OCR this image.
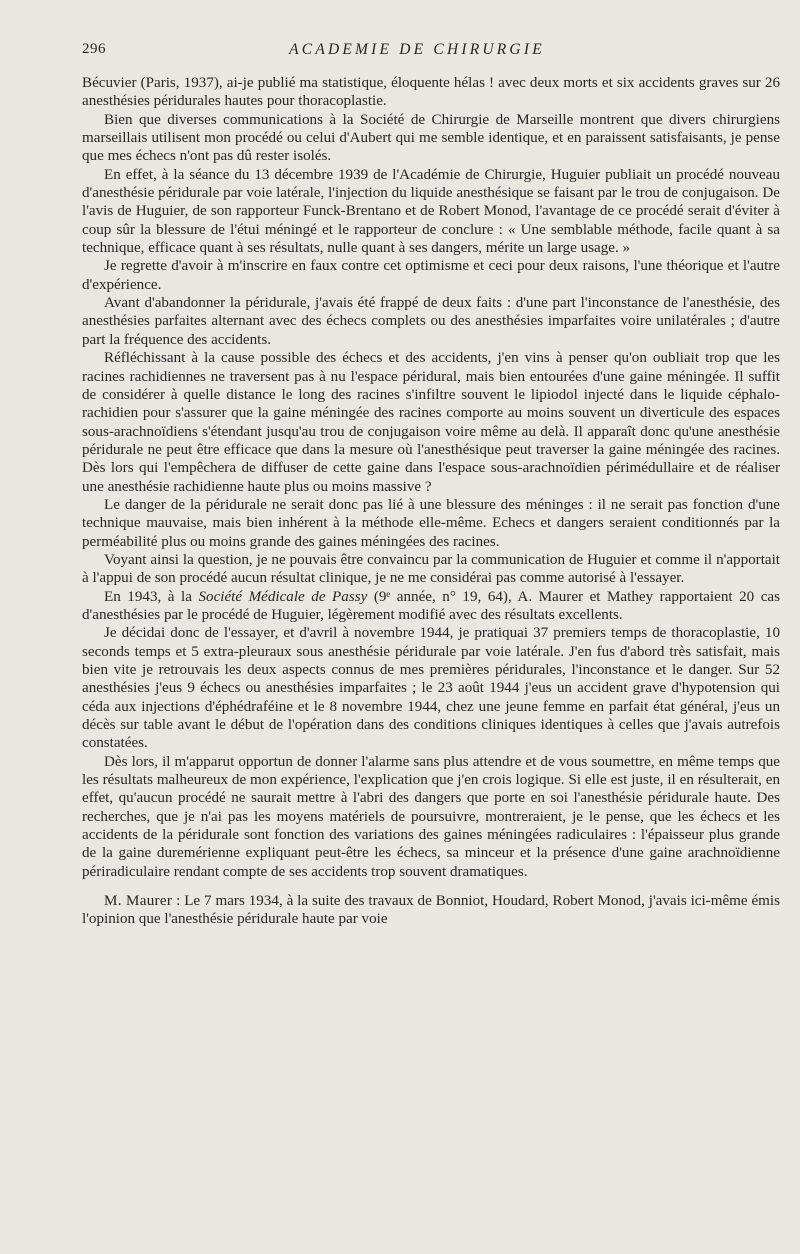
296	ACADEMIE DE CHIRURGIE

Bécuvier (Paris, 1937), ai-je publié ma statistique, éloquente hélas ! avec deux morts et six accidents graves sur 26 anesthésies péridurales hautes pour thoracoplastie.

Bien que diverses communications à la Société de Chirurgie de Marseille montrent que divers chirurgiens marseillais utilisent mon procédé ou celui d'Aubert qui me semble identique, et en paraissent satisfaisants, je pense que mes échecs n'ont pas dû rester isolés.

En effet, à la séance du 13 décembre 1939 de l'Académie de Chirurgie, Huguier publiait un procédé nouveau d'anesthésie péridurale par voie latérale, l'injection du liquide anesthésique se faisant par le trou de conjugaison. De l'avis de Huguier, de son rapporteur Funck-Brentano et de Robert Monod, l'avantage de ce procédé serait d'éviter à coup sûr la blessure de l'étui méningé et le rapporteur de conclure : « Une semblable méthode, facile quant à sa technique, efficace quant à ses résultats, nulle quant à ses dangers, mérite un large usage. »

Je regrette d'avoir à m'inscrire en faux contre cet optimisme et ceci pour deux raisons, l'une théorique et l'autre d'expérience.

Avant d'abandonner la péridurale, j'avais été frappé de deux faits : d'une part l'inconstance de l'anesthésie, des anesthésies parfaites alternant avec des échecs complets ou des anesthésies imparfaites voire unilatérales ; d'autre part la fréquence des accidents.

Réfléchissant à la cause possible des échecs et des accidents, j'en vins à penser qu'on oubliait trop que les racines rachidiennes ne traversent pas à nu l'espace péridural, mais bien entourées d'une gaine méningée. Il suffit de considérer à quelle distance le long des racines s'infiltre souvent le lipiodol injecté dans le liquide céphalo-rachidien pour s'assurer que la gaine méningée des racines comporte au moins souvent un diverticule des espaces sous-arachnoïdiens s'étendant jusqu'au trou de conjugaison voire même au delà. Il apparaît donc qu'une anesthésie péridurale ne peut être efficace que dans la mesure où l'anesthésique peut traverser la gaine méningée des racines. Dès lors qui l'empêchera de diffuser de cette gaine dans l'espace sous-arachnoïdien périmédullaire et de réaliser une anesthésie rachidienne haute plus ou moins massive ?

Le danger de la péridurale ne serait donc pas lié à une blessure des méninges : il ne serait pas fonction d'une technique mauvaise, mais bien inhérent à la méthode elle-même. Echecs et dangers seraient conditionnés par la perméabilité plus ou moins grande des gaines méningées des racines.

Voyant ainsi la question, je ne pouvais être convaincu par la communication de Huguier et comme il n'apportait à l'appui de son procédé aucun résultat clinique, je ne me considérai pas comme autorisé à l'essayer.

En 1943, à la Société Médicale de Passy (9ᵉ année, n° 19, 64), A. Maurer et Mathey rapportaient 20 cas d'anesthésies par le procédé de Huguier, légèrement modifié avec des résultats excellents.

Je décidai donc de l'essayer, et d'avril à novembre 1944, je pratiquai 37 premiers temps de thoracoplastie, 10 seconds temps et 5 extra-pleuraux sous anesthésie péridurale par voie latérale. J'en fus d'abord très satisfait, mais bien vite je retrouvais les deux aspects connus de mes premières péridurales, l'inconstance et le danger. Sur 52 anesthésies j'eus 9 échecs ou anesthésies imparfaites ; le 23 août 1944 j'eus un accident grave d'hypotension qui céda aux injections d'éphédraféine et le 8 novembre 1944, chez une jeune femme en parfait état général, j'eus un décès sur table avant le début de l'opération dans des conditions cliniques identiques à celles que j'avais autrefois constatées.

Dès lors, il m'apparut opportun de donner l'alarme sans plus attendre et de vous soumettre, en même temps que les résultats malheureux de mon expérience, l'explication que j'en crois logique. Si elle est juste, il en résulterait, en effet, qu'aucun procédé ne saurait mettre à l'abri des dangers que porte en soi l'anesthésie péridurale haute. Des recherches, que je n'ai pas les moyens matériels de poursuivre, montreraient, je le pense, que les échecs et les accidents de la péridurale sont fonction des variations des gaines méningées radiculaires : l'épaisseur plus grande de la gaine duremérienne expliquant peut-être les échecs, sa minceur et la présence d'une gaine arachnoïdienne périradiculaire rendant compte de ses accidents trop souvent dramatiques.

M. Maurer : Le 7 mars 1934, à la suite des travaux de Bonniot, Houdard, Robert Monod, j'avais ici-même émis l'opinion que l'anesthésie péridurale haute par voie
